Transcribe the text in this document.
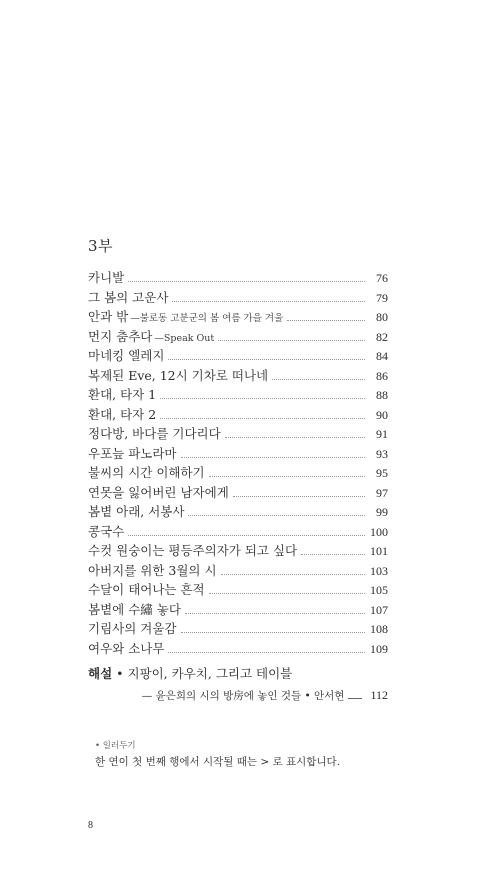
3부
카니발	76
그 봄의 고운사	79
안과 밖 —불로동 고분군의 봄 여름 가을 겨울	80
먼지 춤추다 —Speak Out	82
마네킹 엘레지	84
복제된 Eve, 12시 기차로 떠나네	86
환대, 타자 1	88
환대, 타자 2	90
정다방, 바다를 기다리다	91
우포늪 파노라마	93
불씨의 시간 이해하기	95
연못을 잃어버린 남자에게	97
봄볕 아래, 서봉사	99
콩국수	100
수컷 원숭이는 평등주의자가 되고 싶다	101
아버지를 위한 3월의 시	103
수달이 태어나는 흔적	105
봄볕에 수繡 놓다	107
기림사의 겨울감	108
여우와 소나무	109
해설 • 지팡이, 카우치, 그리고 테이블
— 윤은희의 시의 방房에 놓인 것들 • 안서현 112
• 일러두기
한 연이 첫 번째 행에서 시작될 때는 > 로 표시합니다.
8
